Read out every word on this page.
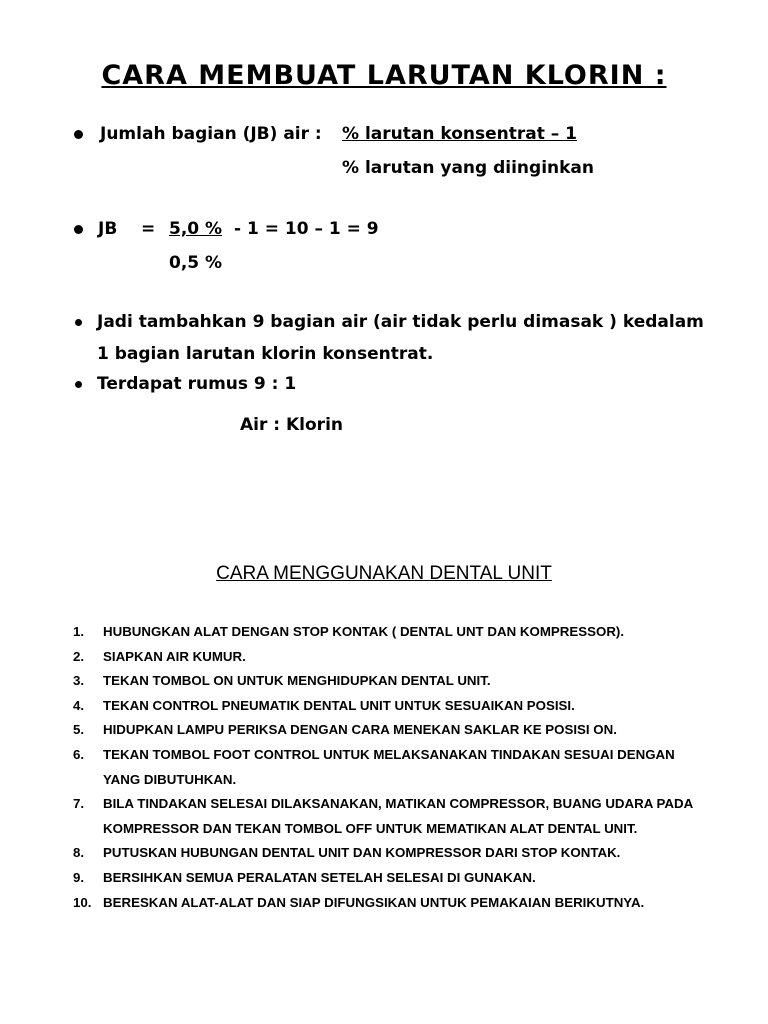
CARA MEMBUAT LARUTAN KLORIN :
Jumlah bagian (JB) air : % larutan konsentrat – 1
% larutan yang diinginkan
JB = 5,0 % - 1 = 10 – 1 = 9
0,5 %
Jadi tambahkan 9 bagian air (air tidak perlu dimasak ) kedalam
1 bagian larutan klorin konsentrat.
Terdapat rumus 9 : 1
Air : Klorin
CARA MENGGUNAKAN DENTAL UNIT
1. HUBUNGKAN ALAT DENGAN STOP KONTAK ( DENTAL UNT DAN KOMPRESSOR).
2. SIAPKAN AIR KUMUR.
3. TEKAN TOMBOL ON UNTUK MENGHIDUPKAN DENTAL UNIT.
4. TEKAN CONTROL PNEUMATIK DENTAL UNIT UNTUK SESUAIKAN POSISI.
5. HIDUPKAN LAMPU PERIKSA DENGAN CARA MENEKAN SAKLAR KE POSISI ON.
6. TEKAN TOMBOL FOOT CONTROL UNTUK MELAKSANAKAN TINDAKAN SESUAI DENGAN YANG DIBUTUHKAN.
7. BILA TINDAKAN SELESAI DILAKSANAKAN, MATIKAN COMPRESSOR, BUANG UDARA PADA KOMPRESSOR DAN TEKAN TOMBOL OFF UNTUK MEMATIKAN ALAT DENTAL UNIT.
8. PUTUSKAN HUBUNGAN DENTAL UNIT DAN KOMPRESSOR DARI STOP KONTAK.
9. BERSIHKAN SEMUA PERALATAN SETELAH SELESAI DI GUNAKAN.
10. BERESKAN ALAT-ALAT DAN SIAP DIFUNGSIKAN UNTUK PEMAKAIAN BERIKUTNYA.
